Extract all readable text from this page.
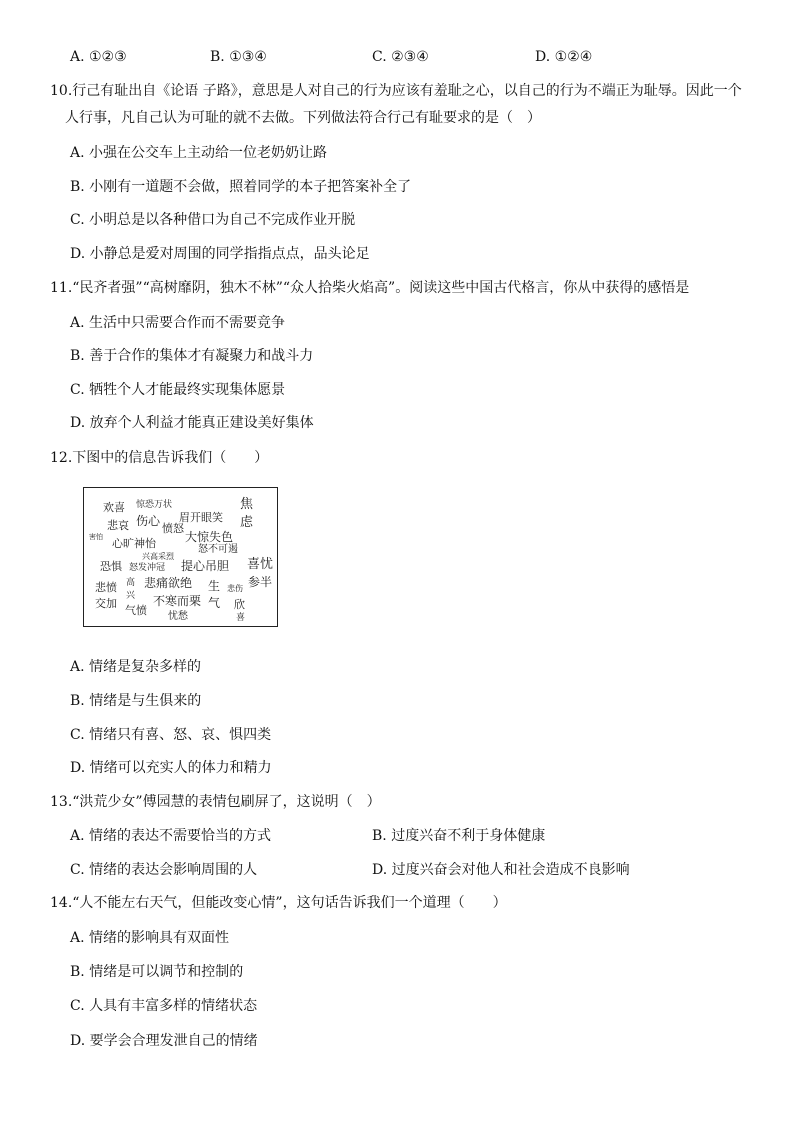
A. ①②③	B. ①③④	C. ②③④	D. ①②④
10.行己有耻出自《论语 子路》，意思是人对自己的行为应该有羞耻之心，以自己的行为不端正为耻辱。因此一个
人行事，凡自己认为可耻的就不去做。下列做法符合行己有耻要求的是（　）
A. 小强在公交车上主动给一位老奶奶让路
B. 小刚有一道题不会做，照着同学的本子把答案补全了
C. 小明总是以各种借口为自己不完成作业开脱
D. 小静总是爱对周围的同学指指点点，品头论足
11.“民齐者强”“高树靡阴，独木不林”“众人拾柴火焰高”。阅读这些中国古代格言，你从中获得的感悟是
A. 生活中只需要合作而不需要竞争
B. 善于合作的集体才有凝聚力和战斗力
C. 牺牲个人才能最终实现集体愿景
D. 放弃个人利益才能真正建设美好集体
12.下图中的信息告诉我们（　　）
欢喜 惊恐万状	焦
虑
悲哀 伤心 眉开眼笑
愤怒
害怕 心旷神怡 大惊失色
兴高采烈
怒不可遏
恐惧 怒发冲冠 提心吊胆 喜忧
参半
悲愤 高 悲痛欲绝 生 悲伤
交加
兴 不寒而栗 气 欣
气愤 忧愁	喜
A. 情绪是复杂多样的
B. 情绪是与生俱来的
C. 情绪只有喜、怒、哀、惧四类
D. 情绪可以充实人的体力和精力
13.“洪荒少女”傅园慧的表情包刷屏了，这说明（　）
A. 情绪的表达不需要恰当的方式	B. 过度兴奋不利于身体健康
C. 情绪的表达会影响周围的人	D. 过度兴奋会对他人和社会造成不良影响
14.“人不能左右天气，但能改变心情”，这句话告诉我们一个道理（　　）
A. 情绪的影响具有双面性
B. 情绪是可以调节和控制的
C. 人具有丰富多样的情绪状态
D. 要学会合理发泄自己的情绪
